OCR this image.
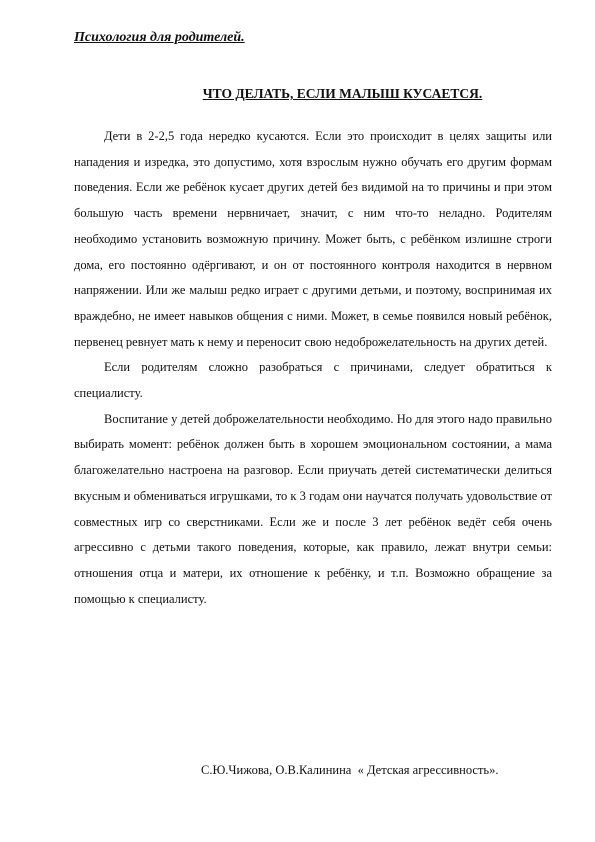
Психология для родителей.
ЧТО ДЕЛАТЬ, ЕСЛИ МАЛЫШ КУСАЕТСЯ.

Дети в 2-2,5 года нередко кусаются. Если это происходит в целях защиты или нападения и изредка, это допустимо, хотя взрослым нужно обучать его другим формам поведения. Если же ребёнок кусает других детей без видимой на то причины и при этом большую часть времени нервничает, значит, с ним что-то неладно. Родителям необходимо установить возможную причину. Может быть, с ребёнком излишне строги дома, его постоянно одёргивают, и он от постоянного контроля находится в нервном напряжении. Или же малыш редко играет с другими детьми, и поэтому, воспринимая их враждебно, не имеет навыков общения с ними. Может, в семье появился новый ребёнок, первенец ревнует мать к нему и переносит свою недоброжелательность на других детей.

Если родителям сложно разобраться с причинами, следует обратиться к специалисту.

Воспитание у детей доброжелательности необходимо. Но для этого надо правильно выбирать момент: ребёнок должен быть в хорошем эмоциональном состоянии, а мама благожелательно настроена на разговор. Если приучать детей систематически делиться вкусным и обмениваться игрушками, то к 3 годам они научатся получать удовольствие от совместных игр со сверстниками. Если же и после 3 лет ребёнок ведёт себя очень агрессивно с детьми такого поведения, которые, как правило, лежат внутри семьи: отношения отца и матери, их отношение к ребёнку, и т.п. Возможно обращение за помощью к специалисту.

С.Ю.Чижова, О.В.Калинина  « Детская агрессивность».
